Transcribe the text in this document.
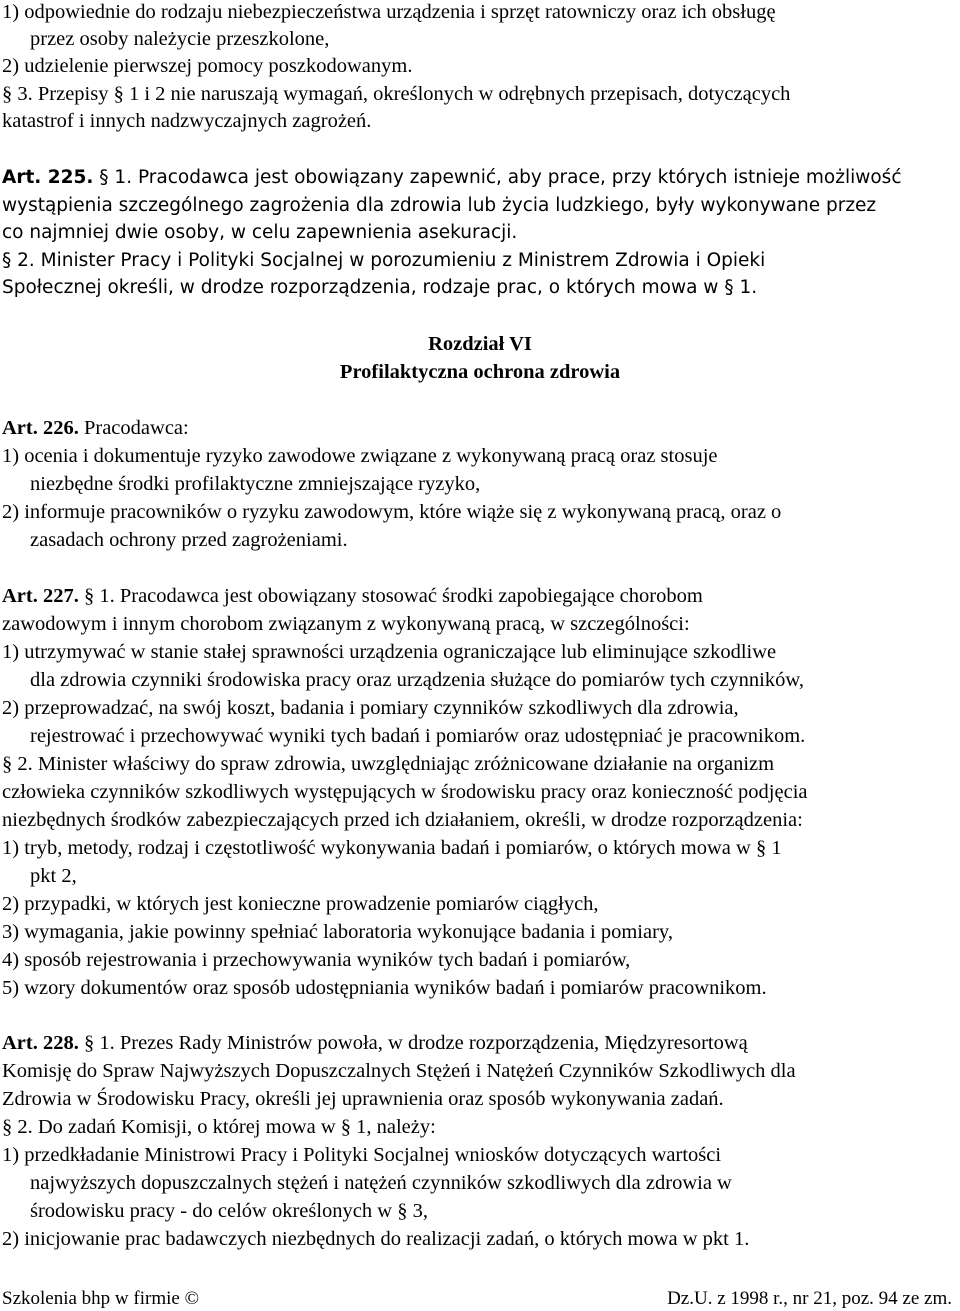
1) odpowiednie do rodzaju niebezpieczeństwa urządzenia i sprzęt ratowniczy oraz ich obsługę

przez osoby należycie przeszkolone,

2) udzielenie pierwszej pomocy poszkodowanym.

§ 3. Przepisy § 1 i 2 nie naruszają wymagań, określonych w odrębnych przepisach, dotyczących

katastrof i innych nadzwyczajnych zagrożeń.

Art. 225. § 1. Pracodawca jest obowiązany zapewnić, aby prace, przy których istnieje możliwość

wystąpienia szczególnego zagrożenia dla zdrowia lub życia ludzkiego, były wykonywane przez

co najmniej dwie osoby, w celu zapewnienia asekuracji.

§ 2. Minister Pracy i Polityki Socjalnej w porozumieniu z Ministrem Zdrowia i Opieki

Społecznej określi, w drodze rozporządzenia, rodzaje prac, o których mowa w § 1.

Rozdział VI

Profilaktyczna ochrona zdrowia

Art. 226. Pracodawca:

1) ocenia i dokumentuje ryzyko zawodowe związane z wykonywaną pracą oraz stosuje

niezbędne środki profilaktyczne zmniejszające ryzyko,

2) informuje pracowników o ryzyku zawodowym, które wiąże się z wykonywaną pracą, oraz o

zasadach ochrony przed zagrożeniami.

Art. 227. § 1. Pracodawca jest obowiązany stosować środki zapobiegające chorobom

zawodowym i innym chorobom związanym z wykonywaną pracą, w szczególności:

1) utrzymywać w stanie stałej sprawności urządzenia ograniczające lub eliminujące szkodliwe

dla zdrowia czynniki środowiska pracy oraz urządzenia służące do pomiarów tych czynników,

2) przeprowadzać, na swój koszt, badania i pomiary czynników szkodliwych dla zdrowia,

rejestrować i przechowywać wyniki tych badań i pomiarów oraz udostępniać je pracownikom.

§ 2. Minister właściwy do spraw zdrowia, uwzględniając zróżnicowane działanie na organizm

człowieka czynników szkodliwych występujących w środowisku pracy oraz konieczność podjęcia

niezbędnych środków zabezpieczających przed ich działaniem, określi, w drodze rozporządzenia:

1) tryb, metody, rodzaj i częstotliwość wykonywania badań i pomiarów, o których mowa w § 1

pkt 2,

2) przypadki, w których jest konieczne prowadzenie pomiarów ciągłych,

3) wymagania, jakie powinny spełniać laboratoria wykonujące badania i pomiary,

4) sposób rejestrowania i przechowywania wyników tych badań i pomiarów,

5) wzory dokumentów oraz sposób udostępniania wyników badań i pomiarów pracownikom.

Art. 228. § 1. Prezes Rady Ministrów powoła, w drodze rozporządzenia, Międzyresortową

Komisję do Spraw Najwyższych Dopuszczalnych Stężeń i Natężeń Czynników Szkodliwych dla

Zdrowia w Środowisku Pracy, określi jej uprawnienia oraz sposób wykonywania zadań.

§ 2. Do zadań Komisji, o której mowa w § 1, należy:

1) przedkładanie Ministrowi Pracy i Polityki Socjalnej wniosków dotyczących wartości

najwyższych dopuszczalnych stężeń i natężeń czynników szkodliwych dla zdrowia w

środowisku pracy - do celów określonych w § 3,

2) inicjowanie prac badawczych niezbędnych do realizacji zadań, o których mowa w pkt 1.

Szkolenia bhp w firmie ©	Dz.U. z 1998 r., nr 21, poz. 94 ze zm.
